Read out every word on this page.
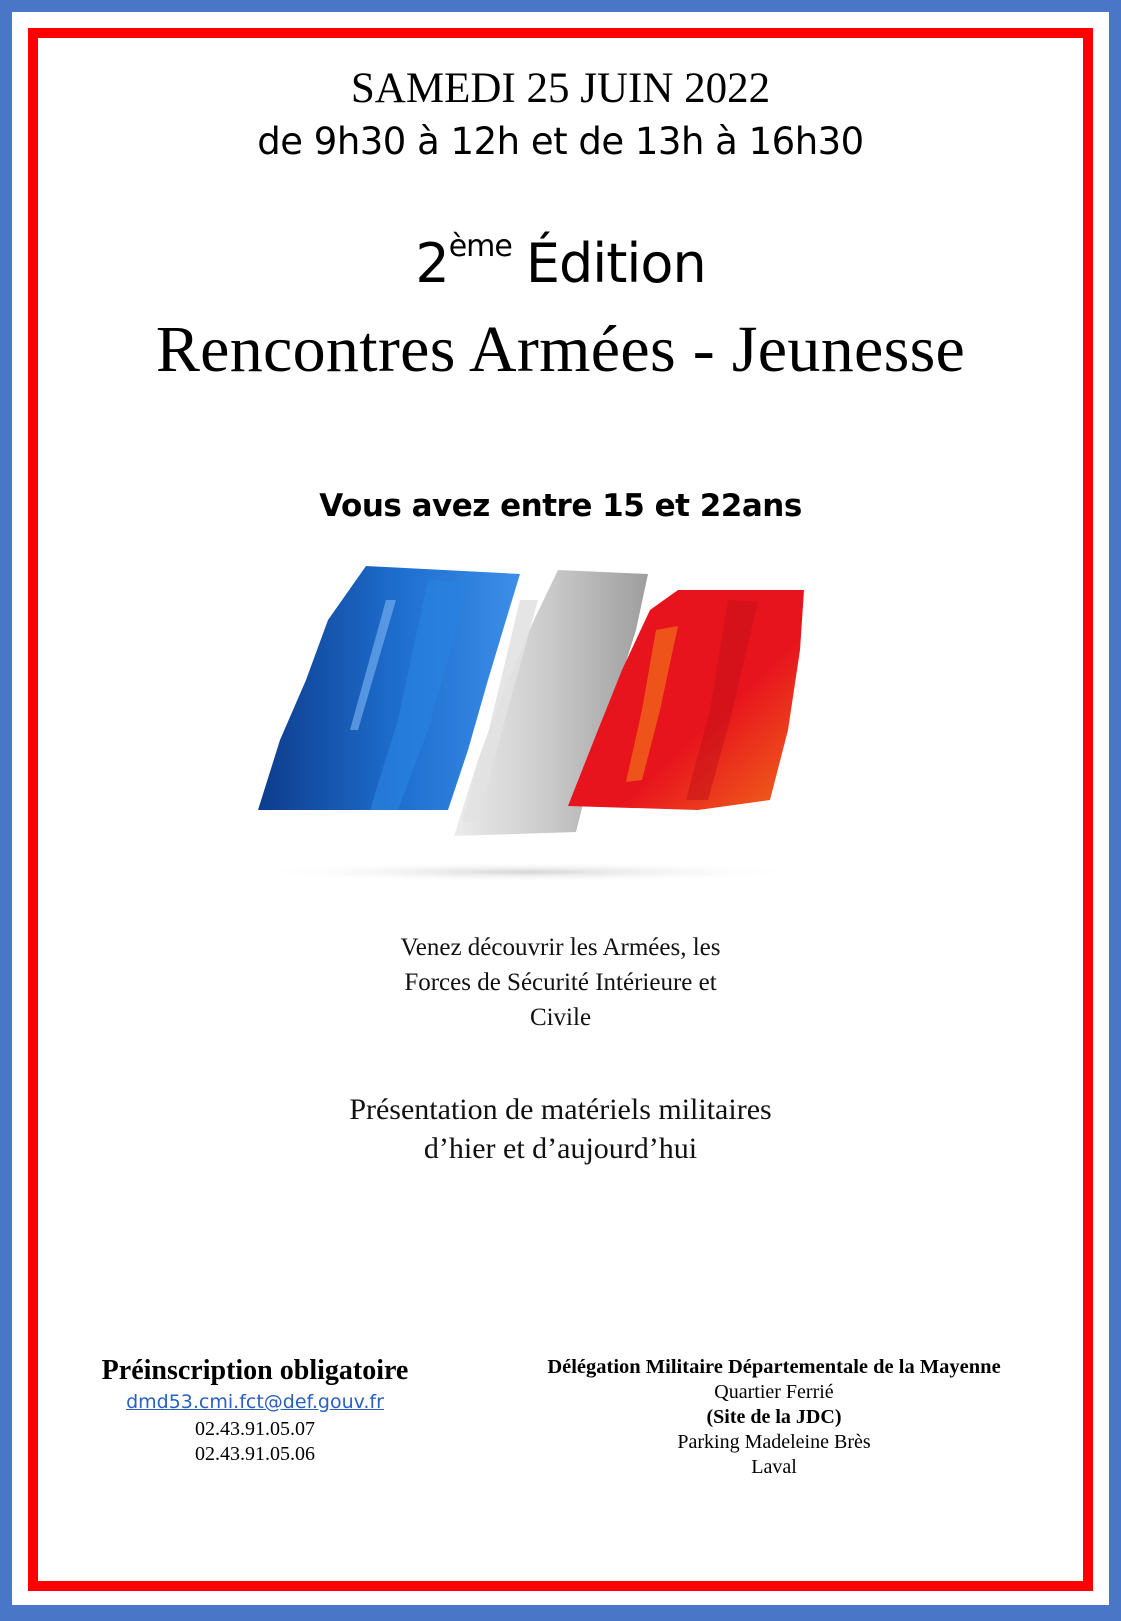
SAMEDI 25 JUIN 2022
de 9h30 à 12h et de 13h à 16h30
2ème Édition
Rencontres Armées - Jeunesse
Vous avez entre 15 et 22ans
Venez découvrir les Armées, les
Forces de Sécurité Intérieure et
Civile
Présentation de matériels militaires
d’hier et d’aujourd’hui
Préinscription obligatoire
dmd53.cmi.fct@def.gouv.fr
02.43.91.05.07
02.43.91.05.06
Délégation Militaire Départementale de la Mayenne
Quartier Ferrié
(Site de la JDC)
Parking Madeleine Brès
Laval
